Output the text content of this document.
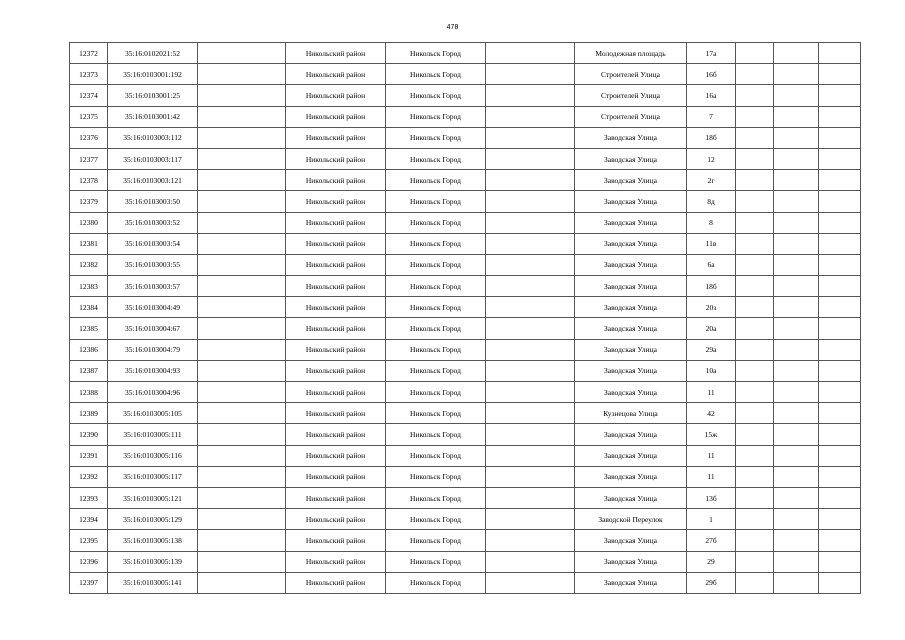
478
12372	35:16:0102021:52		Никольский район	Никольск Город		Молодежная площадь	17а			
12373	35:16:0103001:192		Никольский район	Никольск Город		Строителей Улица	16б			
12374	35:16:0103001:25		Никольский район	Никольск Город		Строителей Улица	16а			
12375	35:16:0103001:42		Никольский район	Никольск Город		Строителей Улица	7			
12376	35:16:0103003:112		Никольский район	Никольск Город		Заводская Улица	18б			
12377	35:16:0103003:117		Никольский район	Никольск Город		Заводская Улица	12			
12378	35:16:0103003:121		Никольский район	Никольск Город		Заводская Улица	2г			
12379	35:16:0103003:50		Никольский район	Никольск Город		Заводская Улица	8д			
12380	35:16:0103003:52		Никольский район	Никольск Город		Заводская Улица	8			
12381	35:16:0103003:54		Никольский район	Никольск Город		Заводская Улица	11в			
12382	35:16:0103003:55		Никольский район	Никольск Город		Заводская Улица	6а			
12383	35:16:0103003:57		Никольский район	Никольск Город		Заводская Улица	18б			
12384	35:16:0103004:49		Никольский район	Никольск Город		Заводская Улица	20з			
12385	35:16:0103004:67		Никольский район	Никольск Город		Заводская Улица	20а			
12386	35:16:0103004:79		Никольский район	Никольск Город		Заводская Улица	29а			
12387	35:16:0103004:93		Никольский район	Никольск Город		Заводская Улица	10а			
12388	35:16:0103004:96		Никольский район	Никольск Город		Заводская Улица	11			
12389	35:16:0103005:105		Никольский район	Никольск Город		Кузнецова Улица	42			
12390	35:16:0103005:111		Никольский район	Никольск Город		Заводская Улица	15ж			
12391	35:16:0103005:116		Никольский район	Никольск Город		Заводская Улица	11			
12392	35:16:0103005:117		Никольский район	Никольск Город		Заводская Улица	11			
12393	35:16:0103005:121		Никольский район	Никольск Город		Заводская Улица	13б			
12394	35:16:0103005:129		Никольский район	Никольск Город		Заводской Переулок	1			
12395	35:16:0103005:138		Никольский район	Никольск Город		Заводская Улица	27б			
12396	35:16:0103005:139		Никольский район	Никольск Город		Заводская Улица	29			
12397	35:16:0103005:141		Никольский район	Никольск Город		Заводская Улица	29б			
